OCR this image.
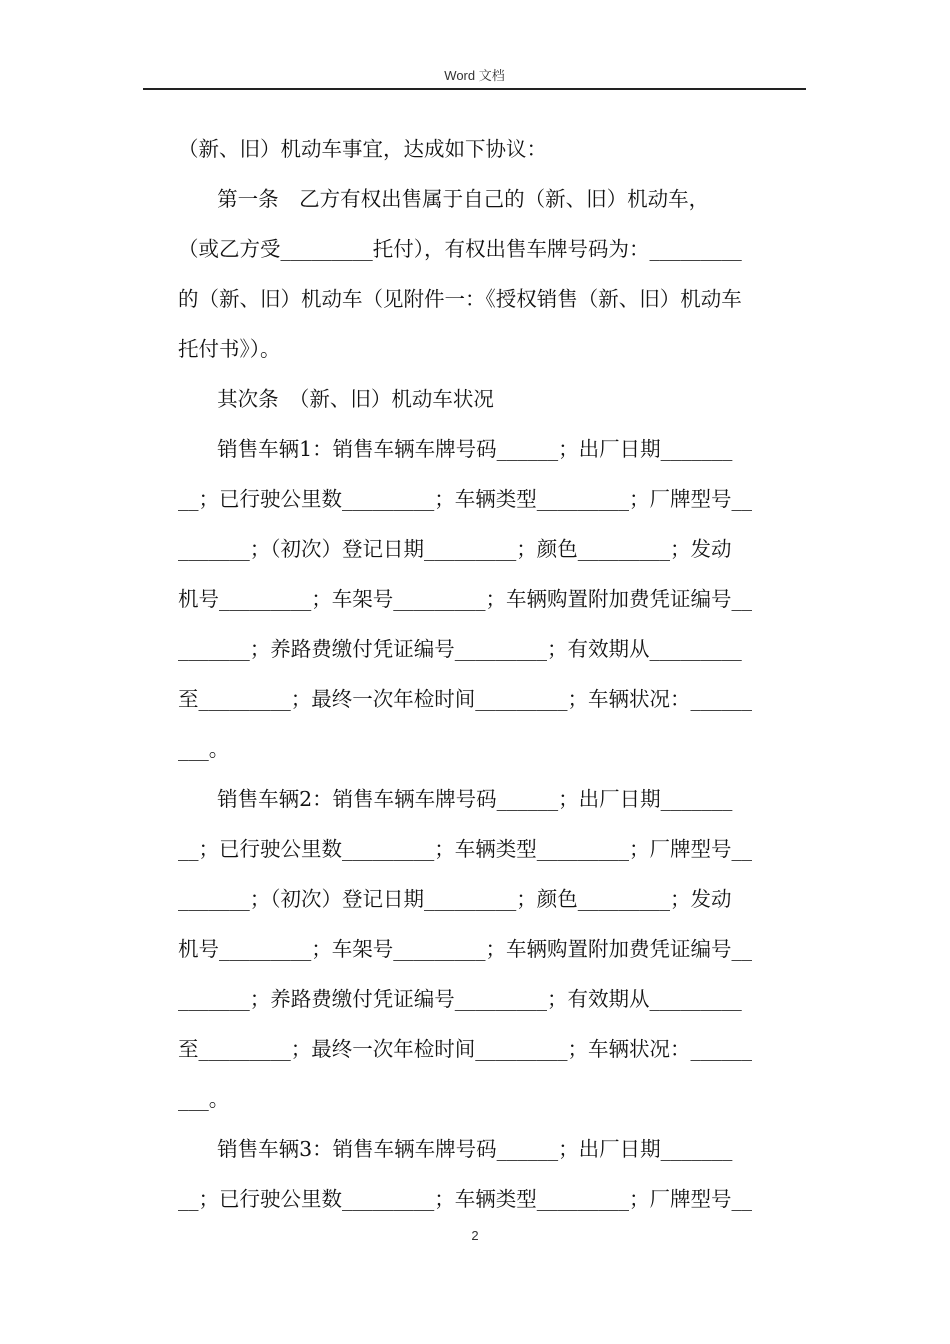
Word 文档
（新、旧）机动车事宜，达成如下协议：
第一条　乙方有权出售属于自己的（新、旧）机动车，
（或乙方受_________托付），有权出售车牌号码为：_________
的（新、旧）机动车（见附件一：《授权销售（新、旧）机动车
托付书》）。
其次条　（新、旧）机动车状况
销售车辆1：销售车辆车牌号码______；出厂日期_______
__；已行驶公里数_________；车辆类型_________；厂牌型号__
_______；（初次）登记日期_________；颜色_________；发动
机号_________；车架号_________；车辆购置附加费凭证编号__
_______；养路费缴付凭证编号_________；有效期从_________
至_________；最终一次年检时间_________；车辆状况：______
___。
销售车辆2：销售车辆车牌号码______；出厂日期_______
__；已行驶公里数_________；车辆类型_________；厂牌型号__
_______；（初次）登记日期_________；颜色_________；发动
机号_________；车架号_________；车辆购置附加费凭证编号__
_______；养路费缴付凭证编号_________；有效期从_________
至_________；最终一次年检时间_________；车辆状况：______
___。
销售车辆3：销售车辆车牌号码______；出厂日期_______
__；已行驶公里数_________；车辆类型_________；厂牌型号__
2
